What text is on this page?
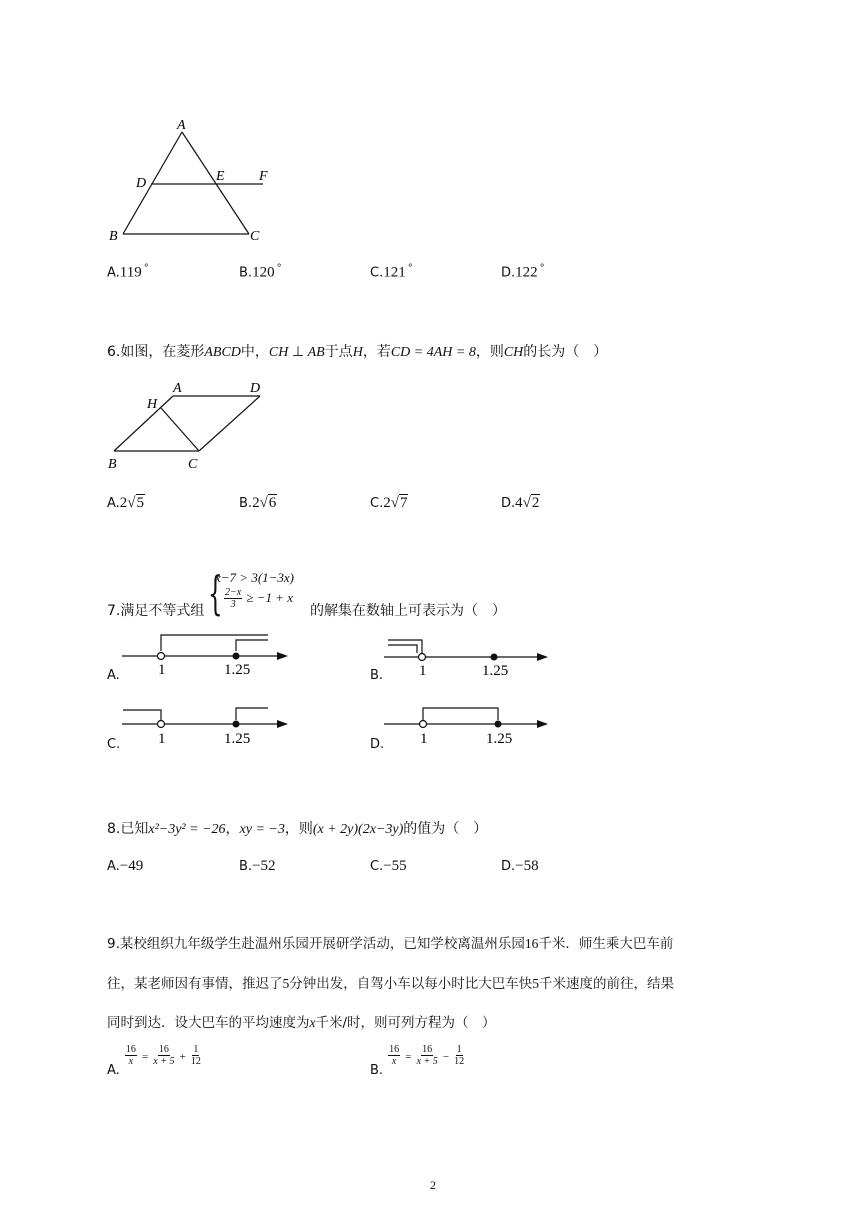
A
D	E F
B	C
A.119 °	B.120 °	C.121 °	D.122 °
6.如图，在菱形ABCD中，CH ⊥ AB于点H，若CD = 4AH = 8，则CH的长为（　）
A	D
H
B	C
A.2√5	B.2√6	C.2√7	D.4√2
7.满足不等式组 {
x−7 > 3(1−3x)
$\frac{2-x}{3} \ge -1 + x$
的解集在数轴上可表示为（　）
A.	1	1.25	B. 1	1.25
C.	1	1.25	D. 1	1.25
8.已知x²−3y² = −26，xy = −3，则(x + 2y)(2x−3y)的值为（　）
A.−49	B.−52	C.−55	D.−58
9.某校组织九年级学生赴温州乐园开展研学活动，已知学校离温州乐园16千米．师生乘大巴车前
往，某老师因有事情，推迟了5分钟出发，自驾小车以每小时比大巴车快5千米速度的前往，结果
同时到达．设大巴车的平均速度为x千米/时，则可列方程为（　）
$_{A.}$
$\frac{16}{x} = \frac{16}{x + 5} + \frac{1}{12}$
$_{B.}$
$\frac{16}{x} = \frac{16}{x + 5} - \frac{1}{12}$
2
